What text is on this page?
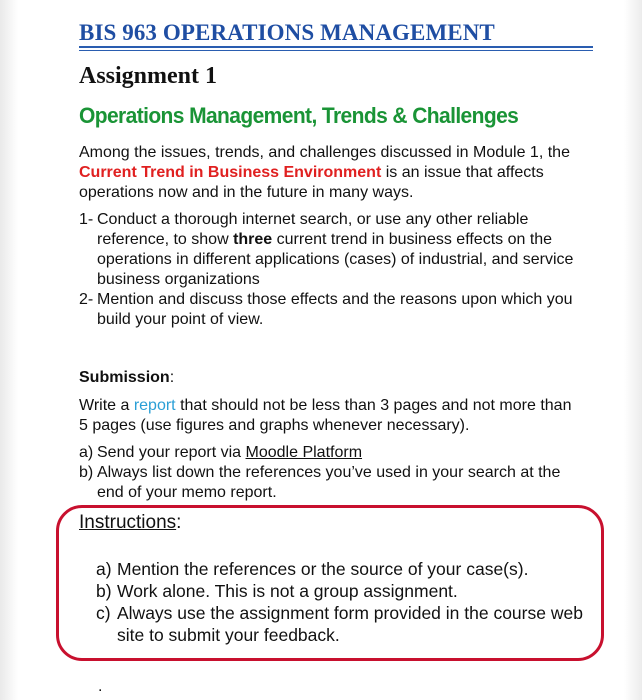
BIS 963 OPERATIONS MANAGEMENT
Assignment 1
Operations Management, Trends & Challenges

Among the issues, trends, and challenges discussed in Module 1, the Current Trend in Business Environment is an issue that affects operations now and in the future in many ways.

1- Conduct a thorough internet search, or use any other reliable reference, to show three current trend in business effects on the operations in different applications (cases) of industrial, and service business organizations
2- Mention and discuss those effects and the reasons upon which you build your point of view.

Submission:

Write a report that should not be less than 3 pages and not more than 5 pages (use figures and graphs whenever necessary).

a) Send your report via Moodle Platform
b) Always list down the references you’ve used in your search at the end of your memo report.

Instructions:

a) Mention the references or the source of your case(s).
b) Work alone. This is not a group assignment.
c) Always use the assignment form provided in the course web site to submit your feedback.
.
